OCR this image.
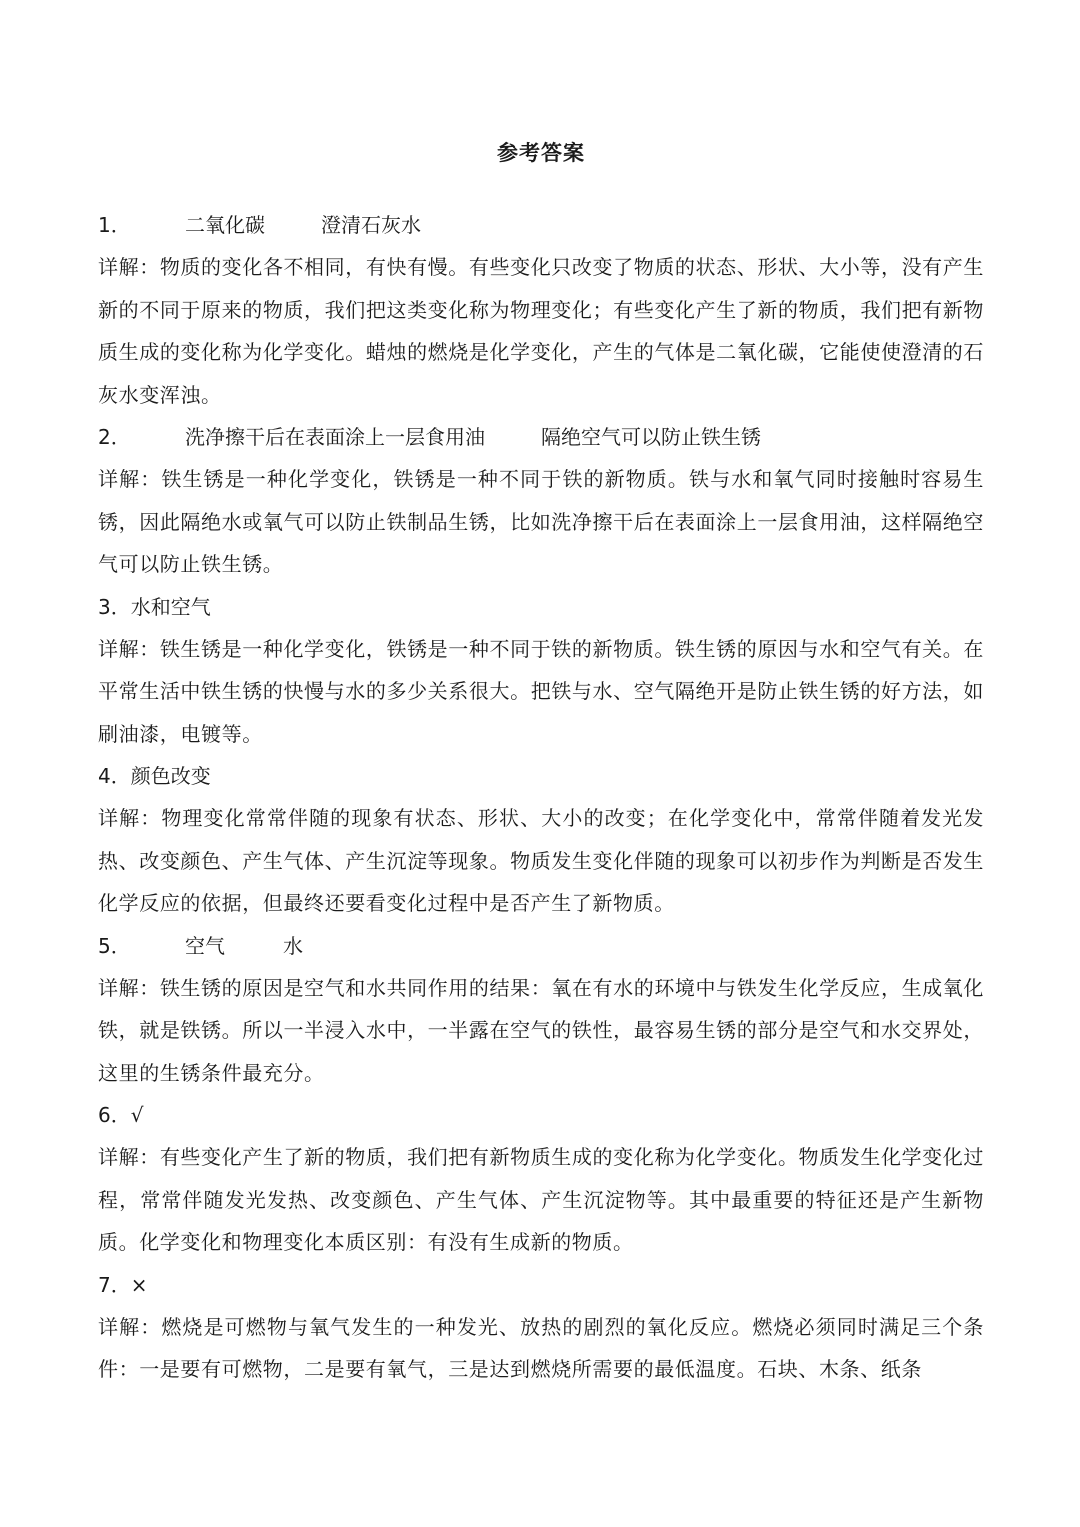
参考答案
1．	二氧化碳	澄清石灰水

详解：物质的变化各不相同，有快有慢。有些变化只改变了物质的状态、形状、大小等，没有产生新的不同于原来的物质，我们把这类变化称为物理变化；有些变化产生了新的物质，我们把有新物质生成的变化称为化学变化。蜡烛的燃烧是化学变化，产生的气体是二氧化碳，它能使使澄清的石灰水变浑浊。

2．	洗净擦干后在表面涂上一层食用油	隔绝空气可以防止铁生锈

详解：铁生锈是一种化学变化，铁锈是一种不同于铁的新物质。铁与水和氧气同时接触时容易生锈，因此隔绝水或氧气可以防止铁制品生锈，比如洗净擦干后在表面涂上一层食用油，这样隔绝空气可以防止铁生锈。

3． 水和空气

详解：铁生锈是一种化学变化，铁锈是一种不同于铁的新物质。铁生锈的原因与水和空气有关。在平常生活中铁生锈的快慢与水的多少关系很大。把铁与水、空气隔绝开是防止铁生锈的好方法，如刷油漆，电镀等。

4． 颜色改变

详解：物理变化常常伴随的现象有状态、形状、大小的改变；在化学变化中，常常伴随着发光发热、改变颜色、产生气体、产生沉淀等现象。物质发生变化伴随的现象可以初步作为判断是否发生化学反应的依据，但最终还要看变化过程中是否产生了新物质。

5．	空气	水

详解：铁生锈的原因是空气和水共同作用的结果：氧在有水的环境中与铁发生化学反应，生成氧化铁，就是铁锈。所以一半浸入水中，一半露在空气的铁性，最容易生锈的部分是空气和水交界处，这里的生锈条件最充分。

6． √

详解：有些变化产生了新的物质，我们把有新物质生成的变化称为化学变化。物质发生化学变化过程，常常伴随发光发热、改变颜色、产生气体、产生沉淀物等。其中最重要的特征还是产生新物质。化学变化和物理变化本质区别：有没有生成新的物质。

7． ×

详解：燃烧是可燃物与氧气发生的一种发光、放热的剧烈的氧化反应。燃烧必须同时满足三个条件：一是要有可燃物，二是要有氧气，三是达到燃烧所需要的最低温度。石块、木条、纸条
